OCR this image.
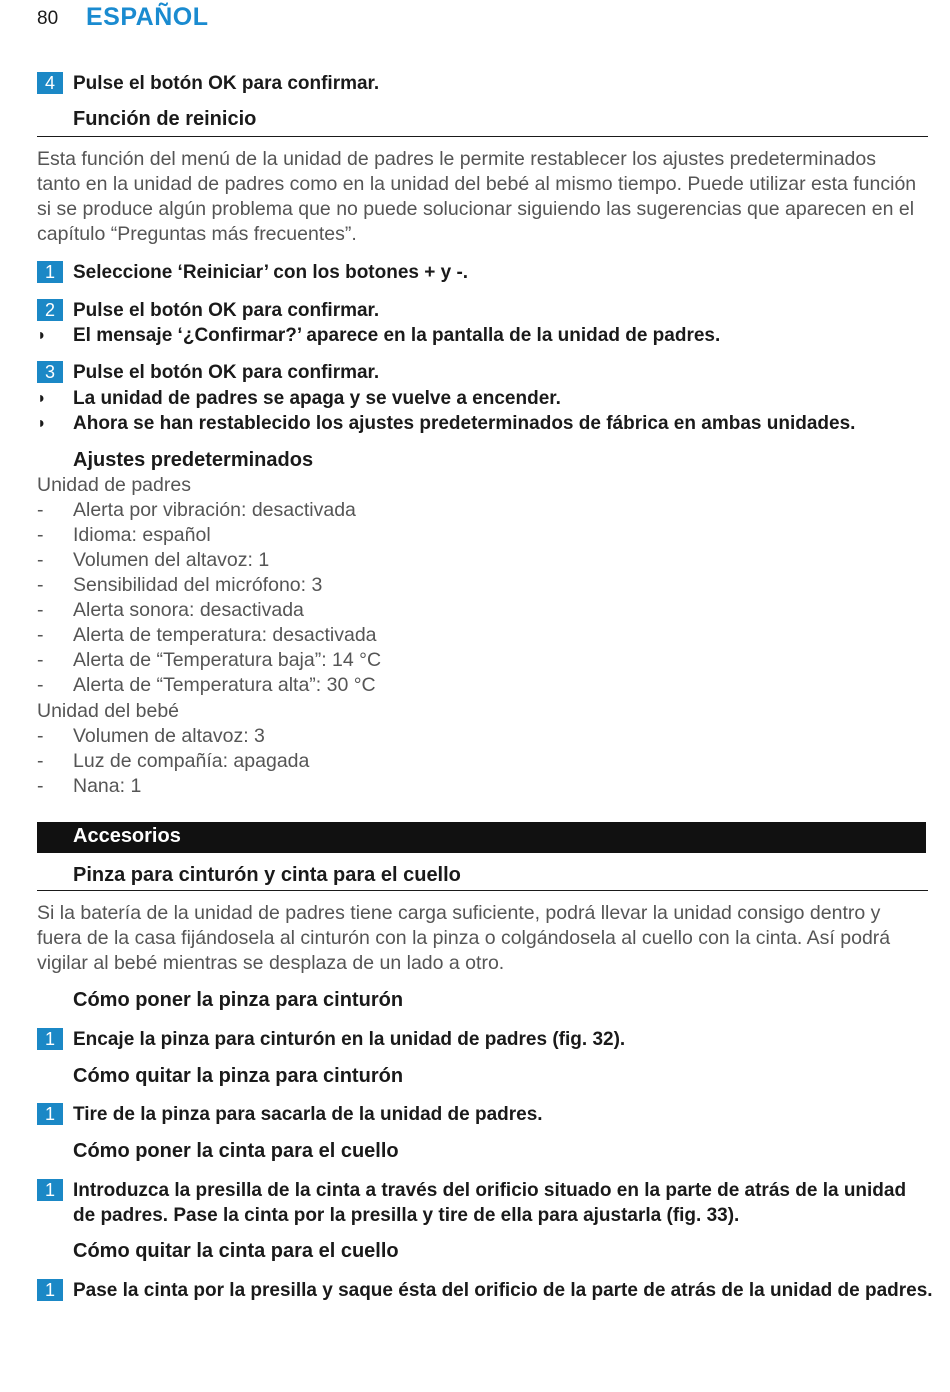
80 ESPAÑOL
4 Pulse el botón OK para confirmar.
Función de reinicio

Esta función del menú de la unidad de padres le permite restablecer los ajustes predeterminados tanto en la unidad de padres como en la unidad del bebé al mismo tiempo. Puede utilizar esta función si se produce algún problema que no puede solucionar siguiendo las sugerencias que aparecen en el capítulo “Preguntas más frecuentes”.

1 Seleccione ‘Reiniciar’ con los botones + y -.
2 Pulse el botón OK para confirmar.
◗ El mensaje ‘¿Confirmar?’ aparece en la pantalla de la unidad de padres.
3 Pulse el botón OK para confirmar.
◗ La unidad de padres se apaga y se vuelve a encender.
◗ Ahora se han restablecido los ajustes predeterminados de fábrica en ambas unidades.
Ajustes predeterminados
Unidad de padres
- Alerta por vibración: desactivada
- Idioma: español
- Volumen del altavoz: 1
- Sensibilidad del micrófono: 3
- Alerta sonora: desactivada
- Alerta de temperatura: desactivada
- Alerta de “Temperatura baja”: 14 °C
- Alerta de “Temperatura alta”: 30 °C
Unidad del bebé
- Volumen de altavoz: 3
- Luz de compañía: apagada
- Nana: 1
Accesorios
Pinza para cinturón y cinta para el cuello

Si la batería de la unidad de padres tiene carga suficiente, podrá llevar la unidad consigo dentro y fuera de la casa fijándosela al cinturón con la pinza o colgándosela al cuello con la cinta. Así podrá vigilar al bebé mientras se desplaza de un lado a otro.

Cómo poner la pinza para cinturón
1 Encaje la pinza para cinturón en la unidad de padres (fig. 32).
Cómo quitar la pinza para cinturón
1 Tire de la pinza para sacarla de la unidad de padres.
Cómo poner la cinta para el cuello
1 Introduzca la presilla de la cinta a través del orificio situado en la parte de atrás de la unidad de padres. Pase la cinta por la presilla y tire de ella para ajustarla (fig. 33).
Cómo quitar la cinta para el cuello
1 Pase la cinta por la presilla y saque ésta del orificio de la parte de atrás de la unidad de padres.
